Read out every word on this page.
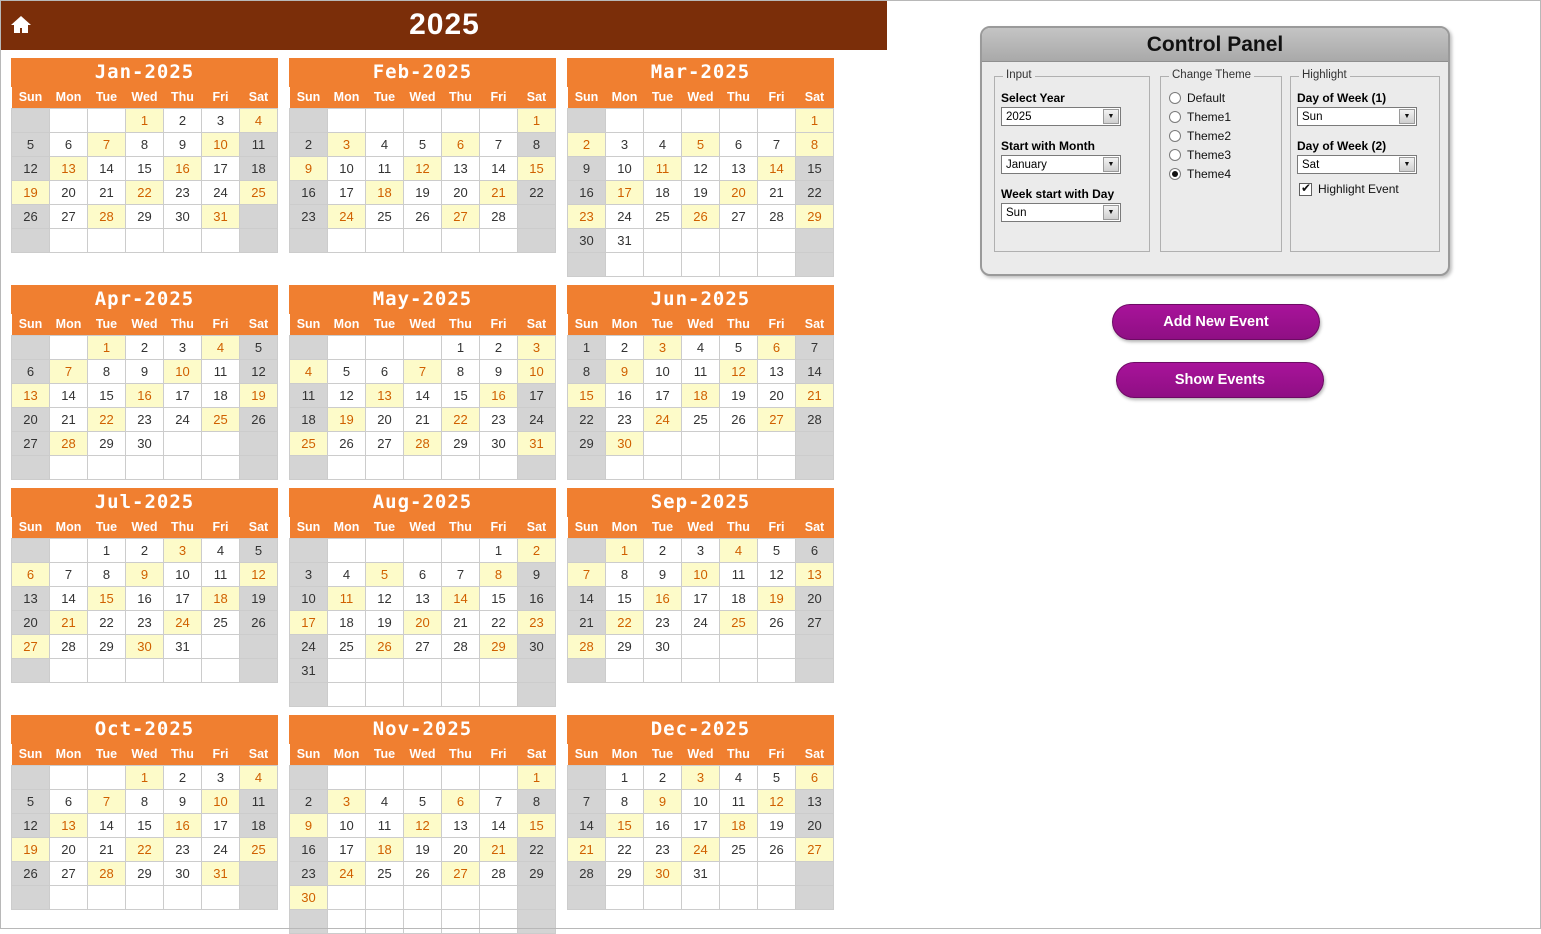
2025
Jan-2025
Sun	Mon	Tue	Wed	Thu	Fri	Sat
			1	2	3	4
5	6	7	8	9	10	11
12	13	14	15	16	17	18
19	20	21	22	23	24	25
26	27	28	29	30	31	

Feb-2025
Sun	Mon	Tue	Wed	Thu	Fri	Sat
						1
2	3	4	5	6	7	8
9	10	11	12	13	14	15
16	17	18	19	20	21	22
23	24	25	26	27	28	

Mar-2025
Sun	Mon	Tue	Wed	Thu	Fri	Sat
						1
2	3	4	5	6	7	8
9	10	11	12	13	14	15
16	17	18	19	20	21	22
23	24	25	26	27	28	29
30	31					

Apr-2025
Sun	Mon	Tue	Wed	Thu	Fri	Sat
		1	2	3	4	5
6	7	8	9	10	11	12
13	14	15	16	17	18	19
20	21	22	23	24	25	26
27	28	29	30			

May-2025
Sun	Mon	Tue	Wed	Thu	Fri	Sat
				1	2	3
4	5	6	7	8	9	10
11	12	13	14	15	16	17
18	19	20	21	22	23	24
25	26	27	28	29	30	31

Jun-2025
Sun	Mon	Tue	Wed	Thu	Fri	Sat
1	2	3	4	5	6	7
8	9	10	11	12	13	14
15	16	17	18	19	20	21
22	23	24	25	26	27	28
29	30					

Jul-2025
Sun	Mon	Tue	Wed	Thu	Fri	Sat
		1	2	3	4	5
6	7	8	9	10	11	12
13	14	15	16	17	18	19
20	21	22	23	24	25	26
27	28	29	30	31		

Aug-2025
Sun	Mon	Tue	Wed	Thu	Fri	Sat
					1	2
3	4	5	6	7	8	9
10	11	12	13	14	15	16
17	18	19	20	21	22	23
24	25	26	27	28	29	30
31						

Sep-2025
Sun	Mon	Tue	Wed	Thu	Fri	Sat
	1	2	3	4	5	6
7	8	9	10	11	12	13
14	15	16	17	18	19	20
21	22	23	24	25	26	27
28	29	30				

Oct-2025
Sun	Mon	Tue	Wed	Thu	Fri	Sat
			1	2	3	4
5	6	7	8	9	10	11
12	13	14	15	16	17	18
19	20	21	22	23	24	25
26	27	28	29	30	31	

Nov-2025
Sun	Mon	Tue	Wed	Thu	Fri	Sat
						1
2	3	4	5	6	7	8
9	10	11	12	13	14	15
16	17	18	19	20	21	22
23	24	25	26	27	28	29
30						

Dec-2025
Sun	Mon	Tue	Wed	Thu	Fri	Sat
	1	2	3	4	5	6
7	8	9	10	11	12	13
14	15	16	17	18	19	20
21	22	23	24	25	26	27
28	29	30	31			

Control Panel
Input
Select Year
2025	▼
Start with Month
January	▼
Week start with Day
Sun	▼
Change Theme
Default
Theme1
Theme2
Theme3
Theme4
Highlight
Day of Week (1)
Sun	▼
Day of Week (2)
Sat	▼
✔
Highlight Event
Add New Event
Show Events
